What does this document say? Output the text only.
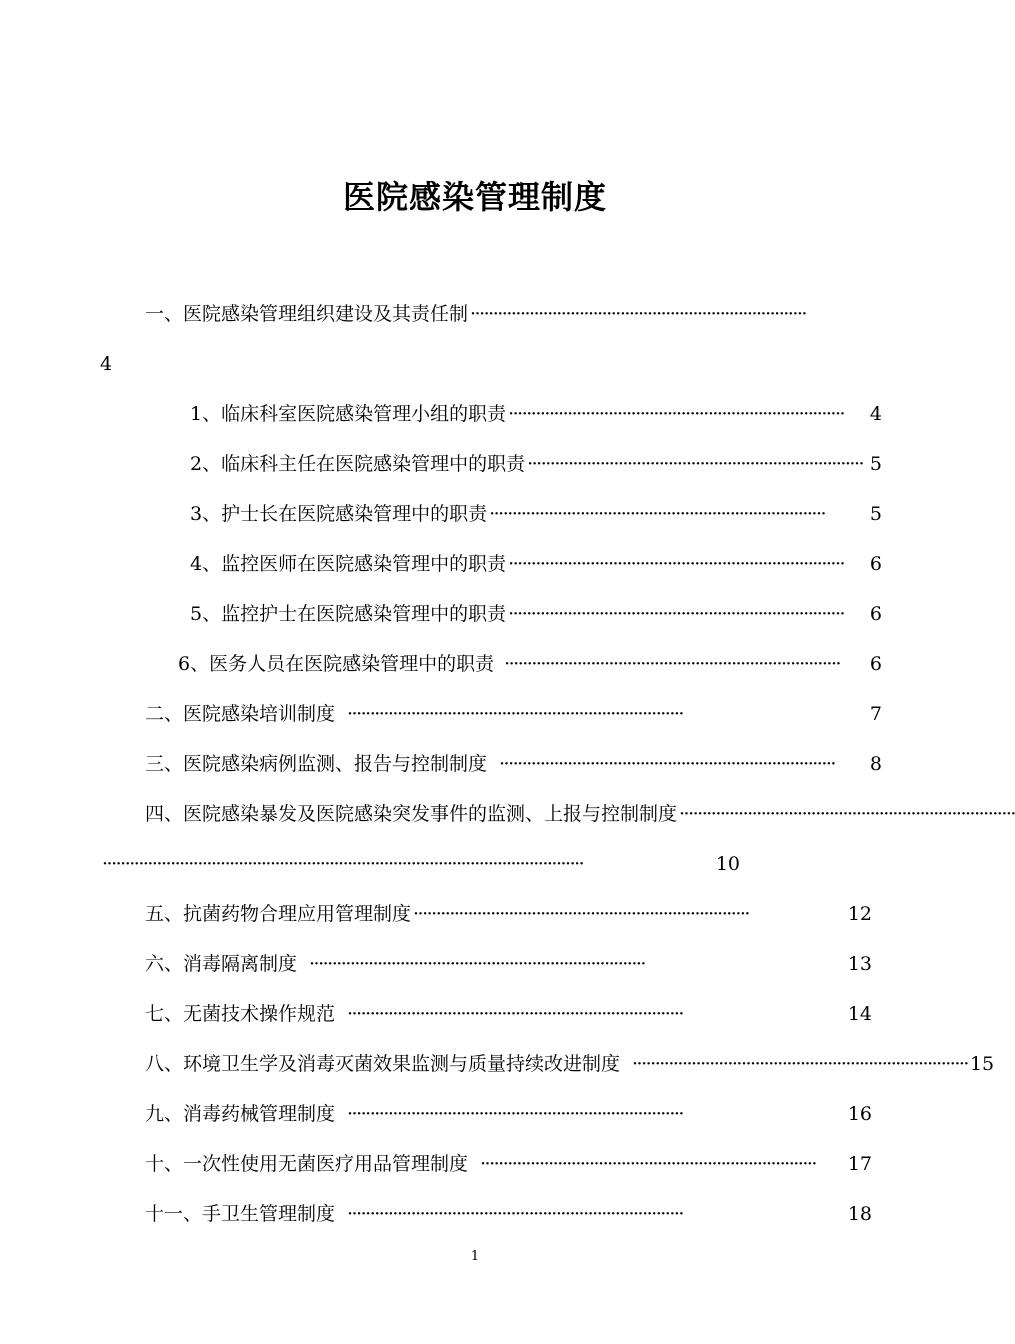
医院感染管理制度
一、医院感染管理组织建设及其责任制 ··········································································
4
1、临床科室医院感染管理小组的职责 ··········································································	4
2、临床科主任在医院感染管理中的职责 ·········································································· 5
3、护士长在医院感染管理中的职责 ··········································································	5
4、监控医师在医院感染管理中的职责 ··········································································	6
5、监控护士在医院感染管理中的职责 ··········································································	6
6、医务人员在医院感染管理中的职责 ··········································································	6
二、医院感染培训制度 ··········································································	7
三、医院感染病例监测、报告与控制制度 ··········································································	8
四、医院感染暴发及医院感染突发事件的监测、上报与控制制度 ··········································································
··········································································································	10
五、抗菌药物合理应用管理制度 ··········································································	12
六、消毒隔离制度 ··········································································	13
七、无菌技术操作规范 ··········································································	14
八、环境卫生学及消毒灭菌效果监测与质量持续改进制度 ·········································································· 15
九、消毒药械管理制度 ··········································································	16
十、一次性使用无菌医疗用品管理制度 ··········································································	17
十一、手卫生管理制度 ··········································································	18
1
